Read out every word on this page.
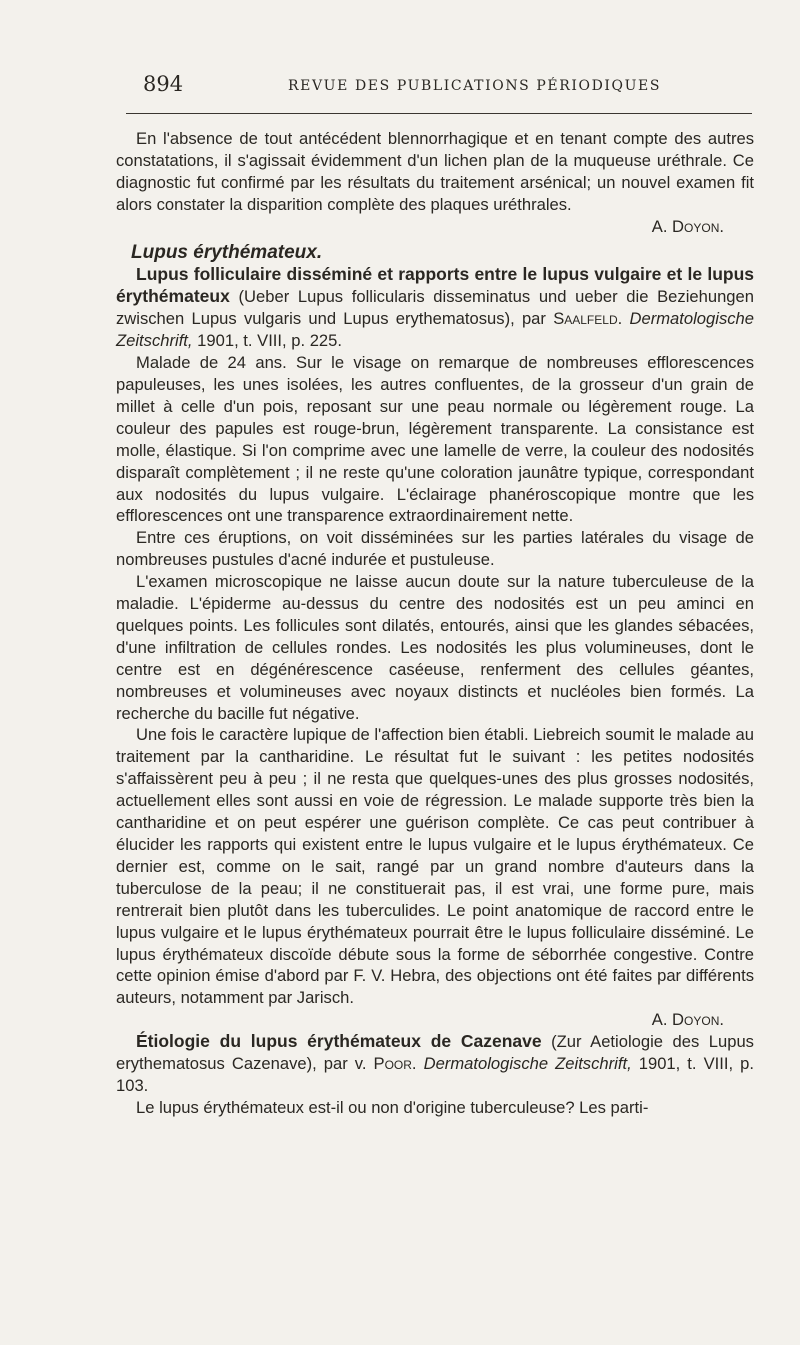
894	REVUE DES PUBLICATIONS PÉRIODIQUES

En l'absence de tout antécédent blennorrhagique et en tenant compte des autres constatations, il s'agissait évidemment d'un lichen plan de la muqueuse uréthrale. Ce diagnostic fut confirmé par les résultats du traitement arsénical; un nouvel examen fit alors constater la disparition complète des plaques uréthrales.

A. Doyon.
Lupus érythémateux.

Lupus folliculaire disséminé et rapports entre le lupus vulgaire et le lupus érythémateux (Ueber Lupus follicularis disseminatus und ueber die Beziehungen zwischen Lupus vulgaris und Lupus erythematosus), par Saalfeld. Dermatologische Zeitschrift, 1901, t. VIII, p. 225.

Malade de 24 ans. Sur le visage on remarque de nombreuses efflorescences papuleuses, les unes isolées, les autres confluentes, de la grosseur d'un grain de millet à celle d'un pois, reposant sur une peau normale ou légèrement rouge. La couleur des papules est rouge-brun, légèrement transparente. La consistance est molle, élastique. Si l'on comprime avec une lamelle de verre, la couleur des nodosités disparaît complètement ; il ne reste qu'une coloration jaunâtre typique, correspondant aux nodosités du lupus vulgaire. L'éclairage phanéroscopique montre que les efflorescences ont une transparence extraordinairement nette.

Entre ces éruptions, on voit disséminées sur les parties latérales du visage de nombreuses pustules d'acné indurée et pustuleuse.

L'examen microscopique ne laisse aucun doute sur la nature tuberculeuse de la maladie. L'épiderme au-dessus du centre des nodosités est un peu aminci en quelques points. Les follicules sont dilatés, entourés, ainsi que les glandes sébacées, d'une infiltration de cellules rondes. Les nodosités les plus volumineuses, dont le centre est en dégénérescence caséeuse, renferment des cellules géantes, nombreuses et volumineuses avec noyaux distincts et nucléoles bien formés. La recherche du bacille fut négative.

Une fois le caractère lupique de l'affection bien établi. Liebreich soumit le malade au traitement par la cantharidine. Le résultat fut le suivant : les petites nodosités s'affaissèrent peu à peu ; il ne resta que quelques-unes des plus grosses nodosités, actuellement elles sont aussi en voie de régression. Le malade supporte très bien la cantharidine et on peut espérer une guérison complète. Ce cas peut contribuer à élucider les rapports qui existent entre le lupus vulgaire et le lupus érythémateux. Ce dernier est, comme on le sait, rangé par un grand nombre d'auteurs dans la tuberculose de la peau; il ne constituerait pas, il est vrai, une forme pure, mais rentrerait bien plutôt dans les tuberculides. Le point anatomique de raccord entre le lupus vulgaire et le lupus érythémateux pourrait être le lupus folliculaire disséminé. Le lupus érythémateux discoïde débute sous la forme de séborrhée congestive. Contre cette opinion émise d'abord par F. V. Hebra, des objections ont été faites par différents auteurs, notamment par Jarisch.

A. Doyon.

Étiologie du lupus érythémateux de Cazenave (Zur Aetiologie des Lupus erythematosus Cazenave), par v. Poor. Dermatologische Zeitschrift, 1901, t. VIII, p. 103.

Le lupus érythémateux est-il ou non d'origine tuberculeuse? Les parti-
